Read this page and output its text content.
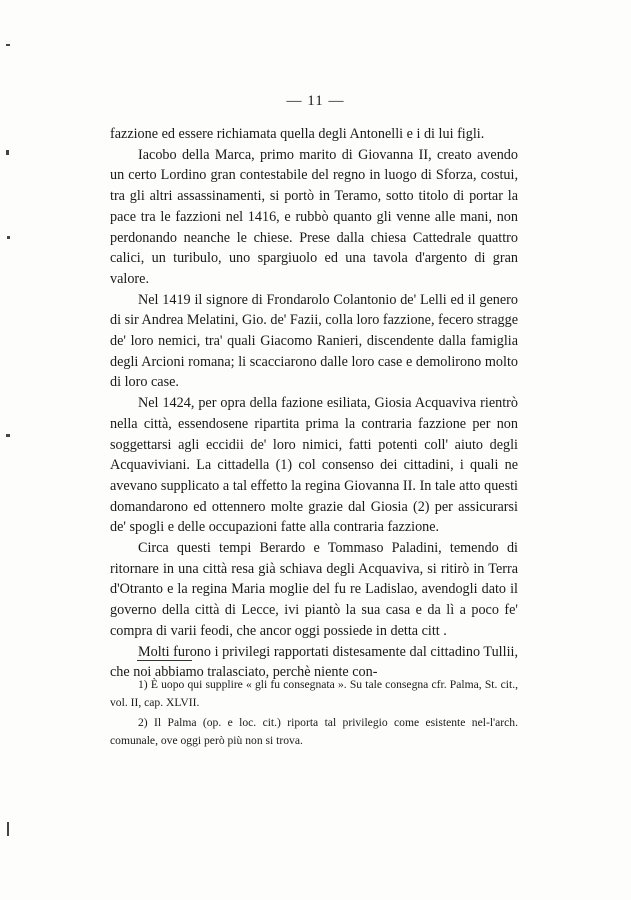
— 11 —

fazzione ed essere richiamata quella degli Antonelli e i di lui figli.

Iacobo della Marca, primo marito di Giovanna II, creato avendo un certo Lordino gran contestabile del regno in luogo di Sforza, costui, tra gli altri assassinamenti, si portò in Teramo, sotto titolo di portar la pace tra le fazzioni nel 1416, e rubbò quanto gli venne alle mani, non perdonando neanche le chiese. Prese dalla chiesa Cattedrale quattro calici, un turibulo, uno spargiuolo ed una tavola d'argento di gran valore.

Nel 1419 il signore di Frondarolo Colantonio de' Lelli ed il genero di sir Andrea Melatini, Gio. de' Fazii, colla loro fazzione, fecero stragge de' loro nemici, tra' quali Giacomo Ranieri, discendente dalla famiglia degli Arcioni romana; li scacciarono dalle loro case e demolirono molto di loro case.

Nel 1424, per opra della fazione esiliata, Giosia Acquaviva rientrò nella città, essendosene ripartita prima la contraria fazzione per non soggettarsi agli eccidii de' loro nimici, fatti potenti coll' aiuto degli Acquaviviani. La cittadella (1) col consenso dei cittadini, i quali ne avevano supplicato a tal effetto la regina Giovanna II. In tale atto questi domandarono ed ottennero molte grazie dal Giosia (2) per assicurarsi de' spogli e delle occupazioni fatte alla contraria fazzione.

Circa questi tempi Berardo e Tommaso Paladini, temendo di ritornare in una città resa già schiava degli Acquaviva, si ritirò in Terra d'Otranto e la regina Maria moglie del fu re Ladislao, avendogli dato il governo della città di Lecce, ivi piantò la sua casa e da lì a poco fe' compra di varii feodi, che ancor oggi possiede in detta citt .

Molti furono i privilegi rapportati distesamente dal cittadino Tullii, che noi abbiamo tralasciato, perchè niente con-

1) È uopo qui supplire « gli fu consegnata ». Su tale consegna cfr. Palma, St. cit., vol. II, cap. XLVII.

2) Il Palma (op. e loc. cit.) riporta tal privilegio come esistente nel-l'arch. comunale, ove oggi però più non si trova.
